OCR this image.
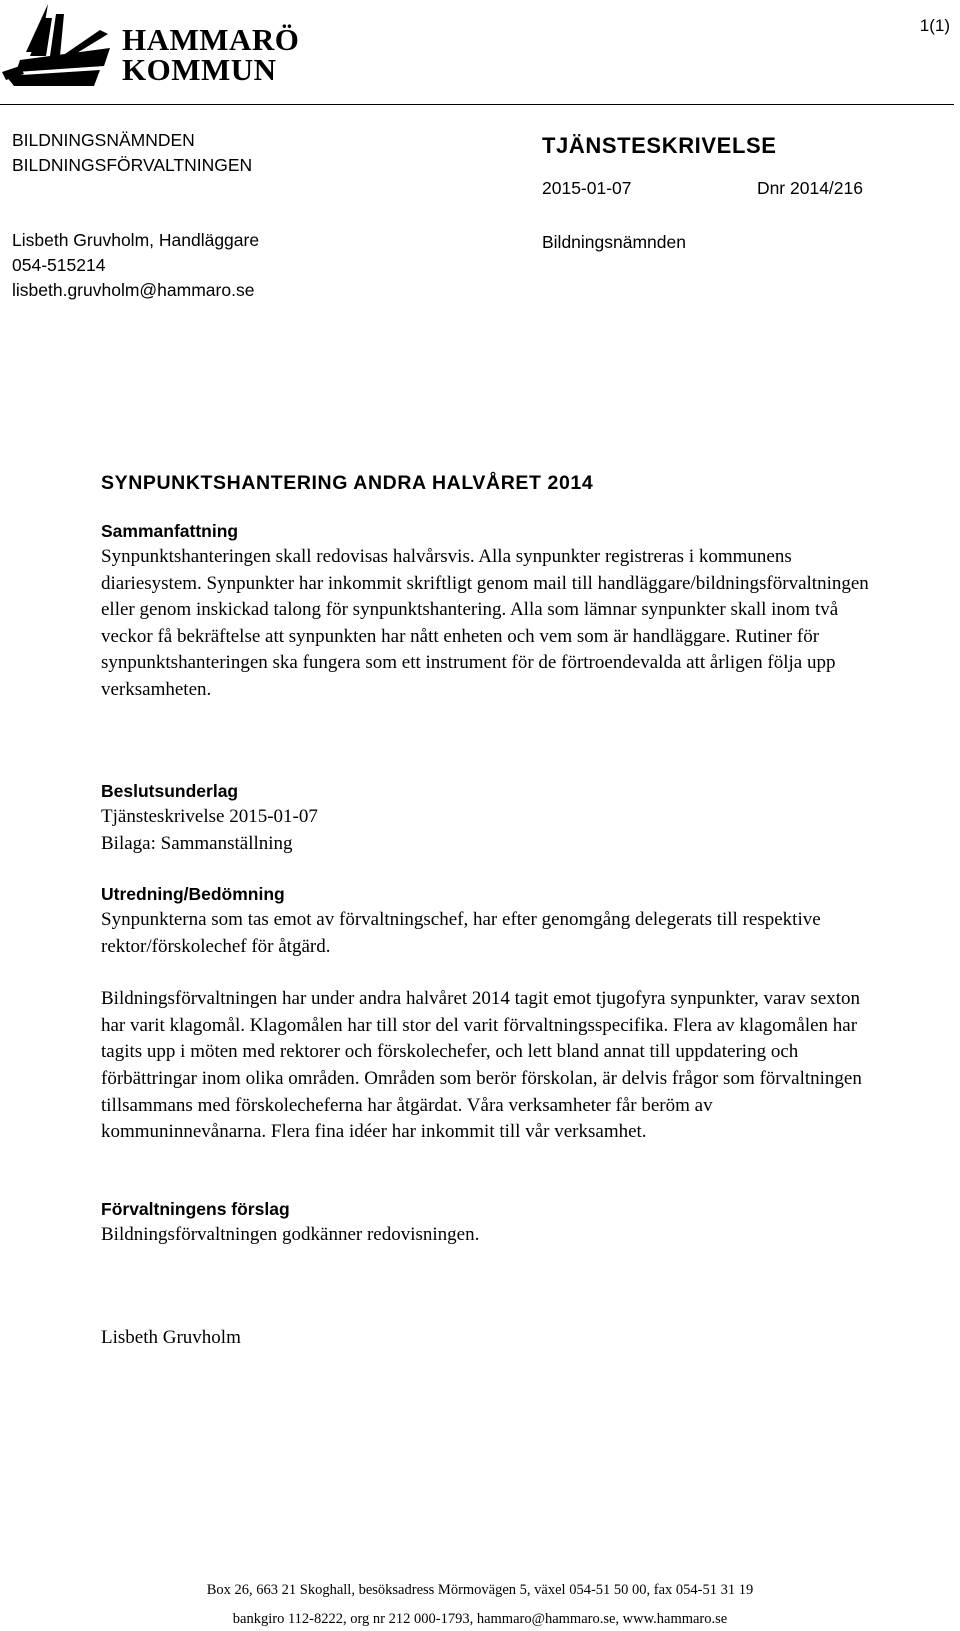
HAMMARÖ
KOMMUN
1(1)
BILDNINGSNÄMNDEN
BILDNINGSFÖRVALTNINGEN
Lisbeth Gruvholm, Handläggare
054-515214
lisbeth.gruvholm@hammaro.se
TJÄNSTESKRIVELSE
2015-01-07	Dnr 2014/216
Bildningsnämnden
SYNPUNKTSHANTERING ANDRA HALVÅRET 2014
Sammanfattning

Synpunktshanteringen skall redovisas halvårsvis. Alla synpunkter registreras i kommunens diariesystem. Synpunkter har inkommit skriftligt genom mail till handläggare/bildningsförvaltningen eller genom inskickad talong för synpunktshantering. Alla som lämnar synpunkter skall inom två veckor få bekräftelse att synpunkten har nått enheten och vem som är handläggare. Rutiner för synpunktshanteringen ska fungera som ett instrument för de förtroendevalda att årligen följa upp verksamheten.

Beslutsunderlag

Tjänsteskrivelse 2015-01-07

Bilaga: Sammanställning

Utredning/Bedömning

Synpunkterna som tas emot av förvaltningschef, har efter genomgång delegerats till respektive rektor/förskolechef för åtgärd.

Bildningsförvaltningen har under andra halvåret 2014 tagit emot tjugofyra synpunkter, varav sexton har varit klagomål. Klagomålen har till stor del varit förvaltningsspecifika. Flera av klagomålen har tagits upp i möten med rektorer och förskolechefer, och lett bland annat till uppdatering och förbättringar inom olika områden. Områden som berör förskolan, är delvis frågor som förvaltningen tillsammans med förskolecheferna har åtgärdat. Våra verksamheter får beröm av kommuninnevånarna. Flera fina idéer har inkommit till vår verksamhet.

Förvaltningens förslag

Bildningsförvaltningen godkänner redovisningen.

Lisbeth Gruvholm
Box 26, 663 21 Skoghall, besöksadress Mörmovägen 5, växel 054-51 50 00, fax 054-51 31 19
bankgiro 112-8222, org nr 212 000-1793, hammaro@hammaro.se, www.hammaro.se
